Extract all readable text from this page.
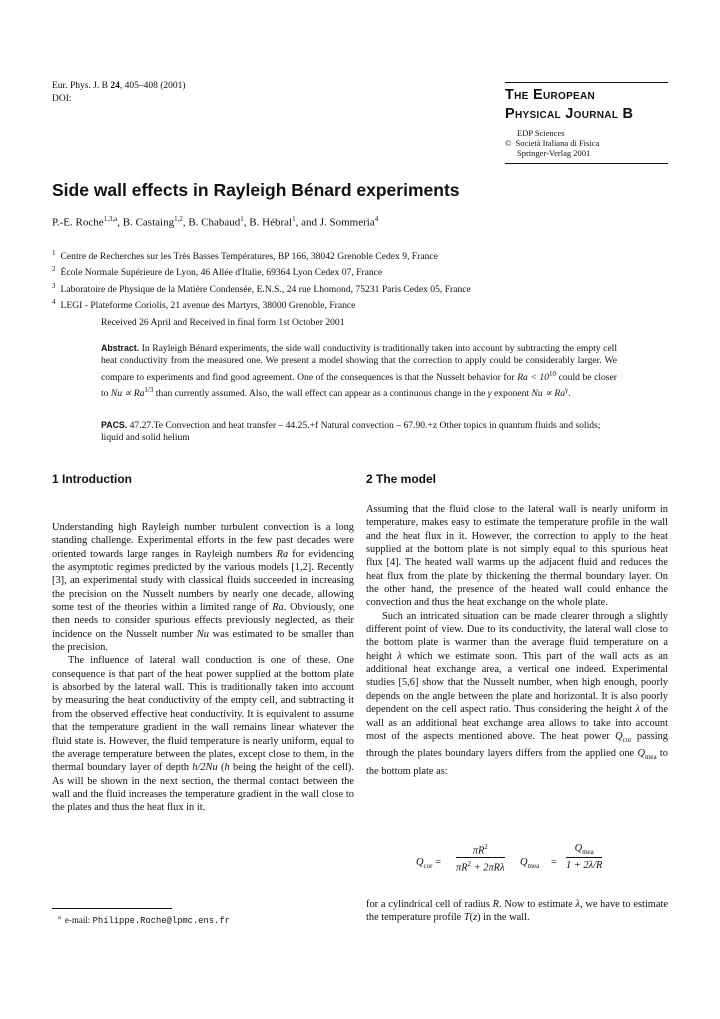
Eur. Phys. J. B 24, 405–408 (2001)
DOI:	The European
Physical Journal B
EDP Sciences
© Società Italiana di Fisica
Springer-Verlag 2001
Side wall effects in Rayleigh Bénard experiments
P.-E. Roche$^{1,3,a}$, B. Castaing$^{1,2}$, B. Chabaud$^1$, B. Hébral$^1$, and J. Sommeria$^4$
$^1$ Centre de Recherches sur les Très Basses Températures, BP 166, 38042 Grenoble Cedex 9, France
$^2$ École Normale Supérieure de Lyon, 46 Allée d'Italie, 69364 Lyon Cedex 07, France
$^3$ Laboratoire de Physique de la Matière Condensée, E.N.S., 24 rue Lhomond, 75231 Paris Cedex 05, France
$^4$ LEGI - Plateforme Coriolis, 21 avenue des Martyrs, 38000 Grenoble, France
Received 26 April and Received in final form 1st October 2001
Abstract. In Rayleigh Bénard experiments, the side wall conductivity is traditionally taken into account by subtracting the empty cell heat conductivity from the measured one. We present a model showing that the correction to apply could be considerably larger. We compare to experiments and find good agreement. One of the consequences is that the Nusselt behavior for $Ra < 10^{10}$ could be closer to $Nu \propto Ra^{1/3}$ than currently assumed. Also, the wall effect can appear as a continuous change in the γ exponent $Nu \propto Ra^\gamma$.
PACS. 47.27.Te Convection and heat transfer – 44.25.+f Natural convection – 67.90.+z Other topics in quantum fluids and solids; liquid and solid helium
1 Introduction	2 The model

Understanding high Rayleigh number turbulent convection is a long standing challenge. Experimental efforts in the few past decades were oriented towards large ranges in Rayleigh numbers Ra for evidencing the asymptotic regimes predicted by the various models [1,2]. Recently [3], an experimental study with classical fluids succeeded in increasing the precision on the Nusselt numbers by nearly one decade, allowing some test of the theories within a limited range of Ra. Obviously, one then needs to consider spurious effects previously neglected, as their incidence on the Nusselt number Nu was estimated to be smaller than the precision.

The influence of lateral wall conduction is one of these. One consequence is that part of the heat power supplied at the bottom plate is absorbed by the lateral wall. This is traditionally taken into account by measuring the heat conductivity of the empty cell, and subtracting it from the observed effective heat conductivity. It is equivalent to assume that the temperature gradient in the wall remains linear whatever the fluid state is. However, the fluid temperature is nearly uniform, equal to the average temperature between the plates, except close to them, in the thermal boundary layer of depth h/2Nu (h being the height of the cell). As will be shown in the next section, the thermal contact between the wall and the fluid increases the temperature gradient in the wall close to the plates and thus the heat flux in it.

Assuming that the fluid close to the lateral wall is nearly uniform in temperature, makes easy to estimate the temperature profile in the wall and the heat flux in it. However, the correction to apply to the heat supplied at the bottom plate is not simply equal to this spurious heat flux [4]. The heated wall warms up the adjacent fluid and reduces the heat flux from the plate by thickening the thermal boundary layer. On the other hand, the presence of the heated wall could enhance the convection and thus the heat exchange on the whole plate.

Such an intricated situation can be made clearer through a slightly different point of view. Due to its conductivity, the lateral wall close to the bottom plate is warmer than the average fluid temperature on a height λ which we estimate soon. This part of the wall acts as an additional heat exchange area, a vertical one indeed. Experimental studies [5,6] show that the Nusselt number, when high enough, poorly depends on the angle between the plate and horizontal. It is also poorly dependent on the cell aspect ratio. Thus considering the height λ of the wall as an additional heat exchange area allows to take into account most of the aspects mentioned above. The heat power $Q_{cor}$ passing through the plates boundary layers differs from the applied one $Q_{mea}$ to the bottom plate as:

$Q_{cor}$ =
$\pi R^2$
$\pi R^2 + 2\pi R\lambda$
$Q_{mea}$ =
$Q_{mea}$
1 + 2λ/R

for a cylindrical cell of radius R. Now to estimate λ, we have to estimate the temperature profile T(z) in the wall.

$^a$ e-mail: Philippe.Roche@lpmc.ens.fr
